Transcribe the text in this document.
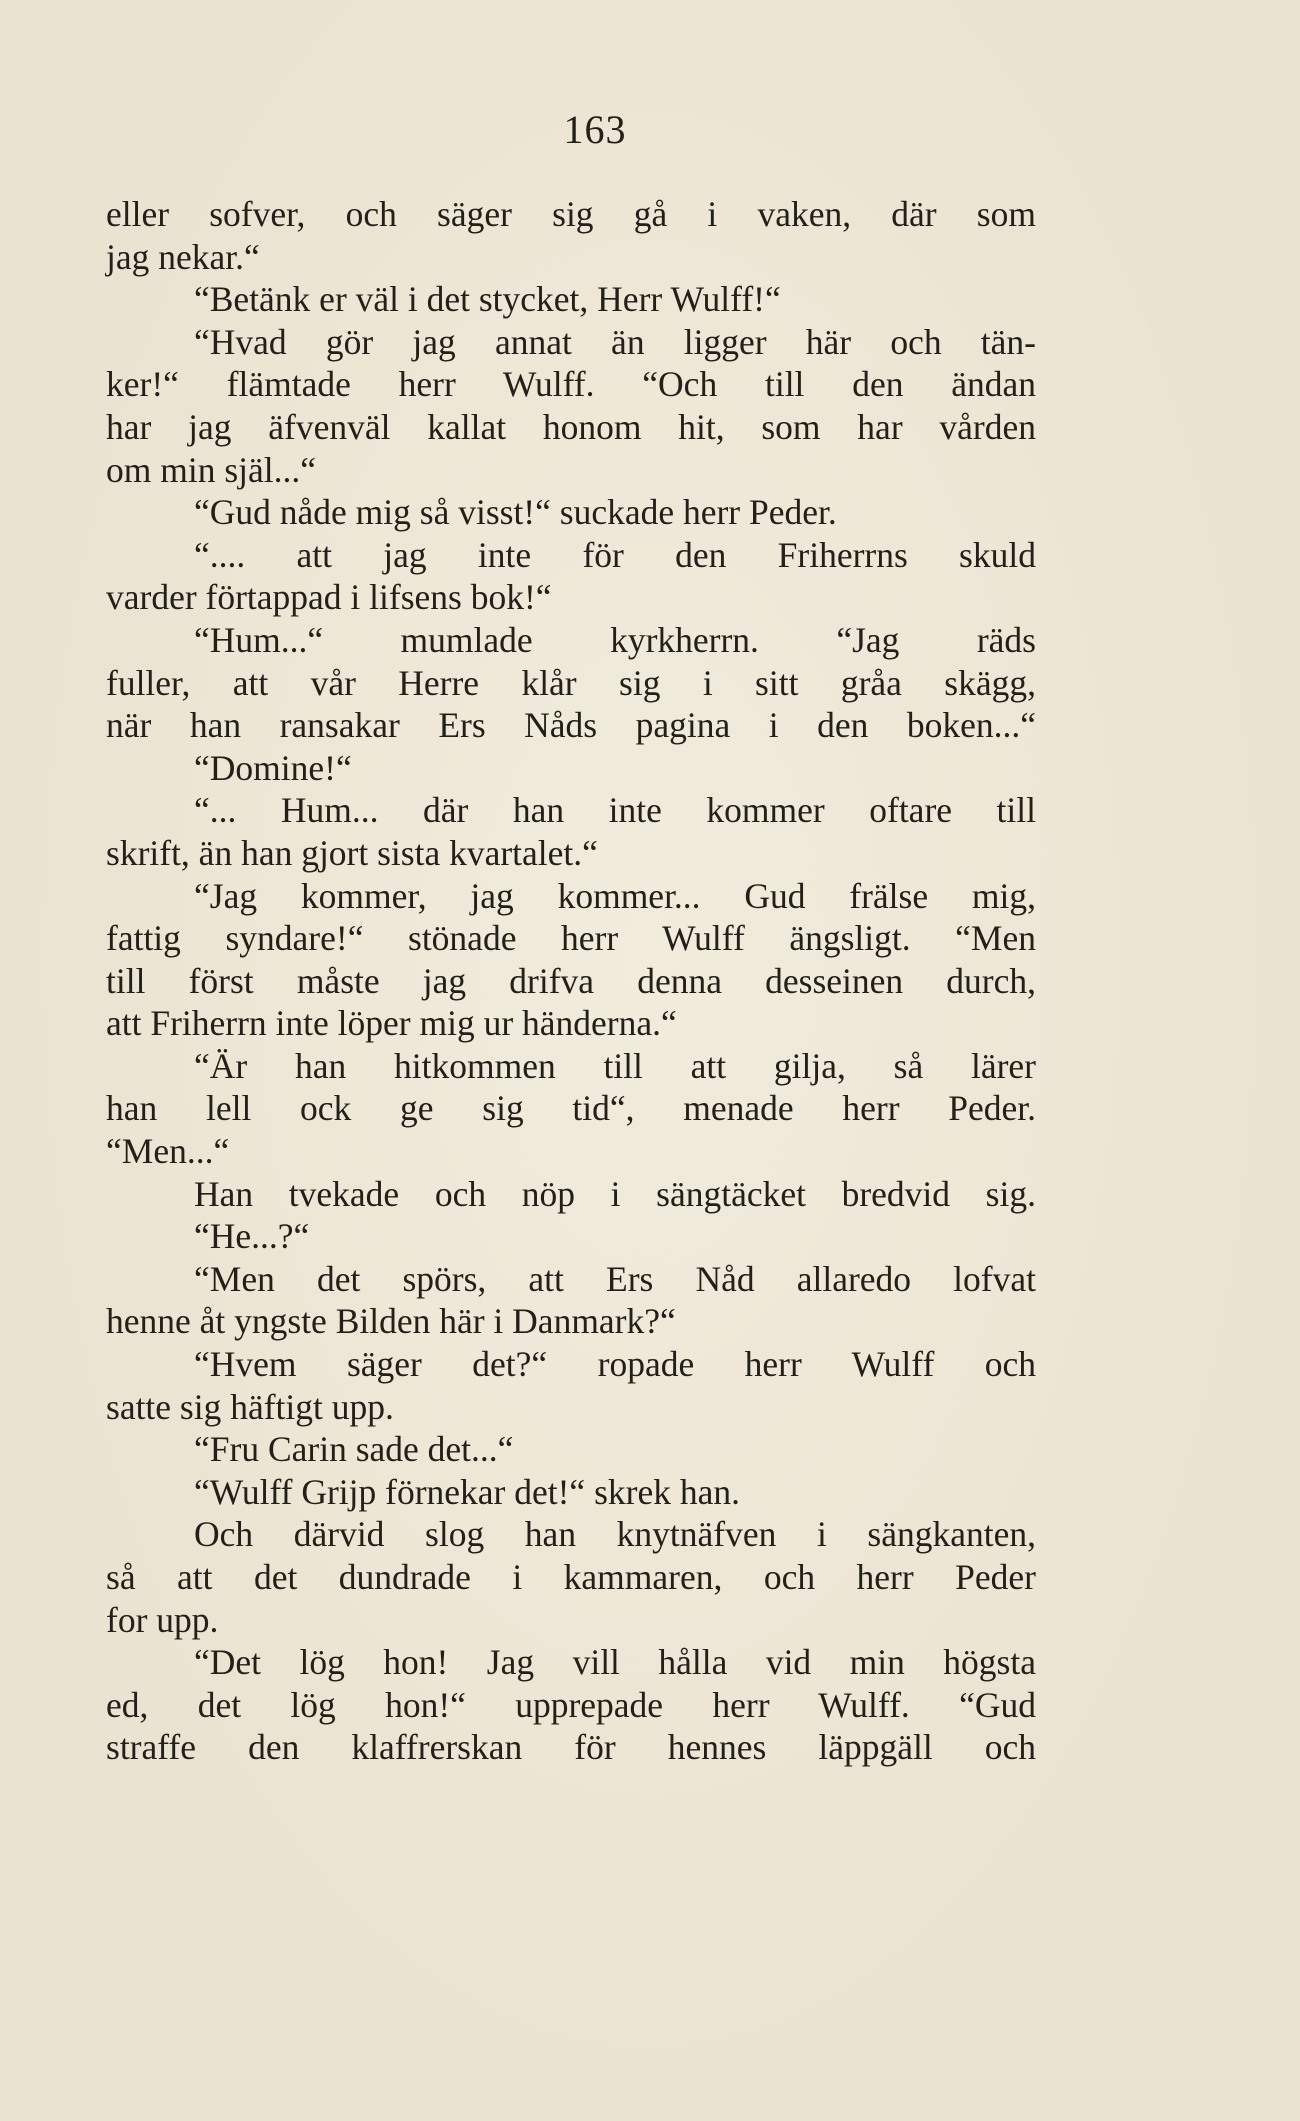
163
eller sofver, och säger sig gå i vaken, där som
jag nekar.“
“Betänk er väl i det stycket, Herr Wulff!“
“Hvad gör jag annat än ligger här och tän-
ker!“ flämtade herr Wulff. “Och till den ändan
har jag äfvenväl kallat honom hit, som har vården
om min själ...“
“Gud nåde mig så visst!“ suckade herr Peder.
“.... att jag inte för den Friherrns skuld
varder förtappad i lifsens bok!“
“Hum...“ mumlade kyrkherrn. “Jag räds
fuller, att vår Herre klår sig i sitt gråa skägg,
när han ransakar Ers Nåds pagina i den boken...“
“Domine!“
“... Hum... där han inte kommer oftare till
skrift, än han gjort sista kvartalet.“
“Jag kommer, jag kommer... Gud frälse mig,
fattig syndare!“ stönade herr Wulff ängsligt. “Men
till först måste jag drifva denna desseinen durch,
att Friherrn inte löper mig ur händerna.“
“Är han hitkommen till att gilja, så lärer
han lell ock ge sig tid“, menade herr Peder.
“Men...“
Han tvekade och nöp i sängtäcket bredvid sig.
“He...?“
“Men det spörs, att Ers Nåd allaredo lofvat
henne åt yngste Bilden här i Danmark?“
“Hvem säger det?“ ropade herr Wulff och
satte sig häftigt upp.
“Fru Carin sade det...“
“Wulff Grijp förnekar det!“ skrek han.
Och därvid slog han knytnäfven i sängkanten,
så att det dundrade i kammaren, och herr Peder
for upp.
“Det lög hon! Jag vill hålla vid min högsta
ed, det lög hon!“ upprepade herr Wulff. “Gud
straffe den klaffrerskan för hennes läppgäll och
